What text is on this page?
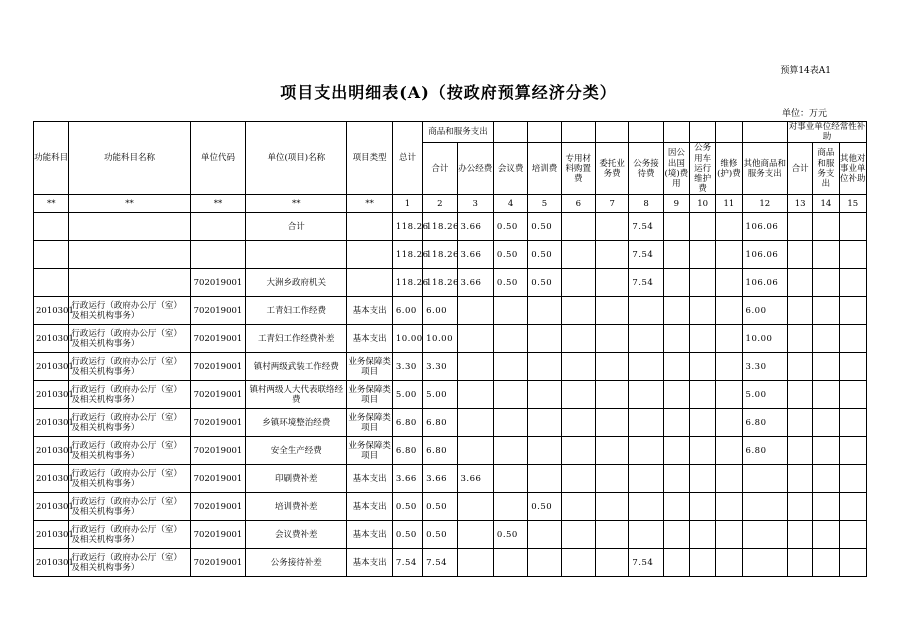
预算14表A1
项目支出明细表(A)（按政府预算经济分类）
单位：万元
功能科目	功能科目名称	单位代码	单位(项目)名称	项目类型	总计	商品和服务支出											对事业单位经常性补助		
						合计	办公经费	会议费	培训费	专用材料购置费	委托业务费	公务接待费	因公出国(境)费用	公务用车运行维护费	维修(护)费	其他商品和服务支出	合计	商品和服务支出	其他对事业单位补助
**	**	**	**	**	1	2	3	4	5	6	7	8	9	10	11	12	13	14	15
			合计		118.26	118.26	3.66	0.50	0.50			7.54				106.06			
					118.26	118.26	3.66	0.50	0.50			7.54				106.06			
		702019001	大洲乡政府机关		118.26	118.26	3.66	0.50	0.50			7.54				106.06			
2010301	行政运行（政府办公厅（室）及相关机构事务）	702019001	工青妇工作经费	基本支出	6.00	6.00										6.00			
2010301	行政运行（政府办公厅（室）及相关机构事务）	702019001	工青妇工作经费补差	基本支出	10.00	10.00										10.00			
2010301	行政运行（政府办公厅（室）及相关机构事务）	702019001	镇村两级武装工作经费	业务保障类项目	3.30	3.30										3.30			
2010301	行政运行（政府办公厅（室）及相关机构事务）	702019001	镇村两级人大代表联络经费	业务保障类项目	5.00	5.00										5.00			
2010301	行政运行（政府办公厅（室）及相关机构事务）	702019001	乡镇环境整治经费	业务保障类项目	6.80	6.80										6.80			
2010301	行政运行（政府办公厅（室）及相关机构事务）	702019001	安全生产经费	业务保障类项目	6.80	6.80										6.80			
2010301	行政运行（政府办公厅（室）及相关机构事务）	702019001	印刷费补差	基本支出	3.66	3.66	3.66												
2010301	行政运行（政府办公厅（室）及相关机构事务）	702019001	培训费补差	基本支出	0.50	0.50			0.50										
2010301	行政运行（政府办公厅（室）及相关机构事务）	702019001	会议费补差	基本支出	0.50	0.50		0.50											
2010301	行政运行（政府办公厅（室）及相关机构事务）	702019001	公务接待补差	基本支出	7.54	7.54						7.54							
